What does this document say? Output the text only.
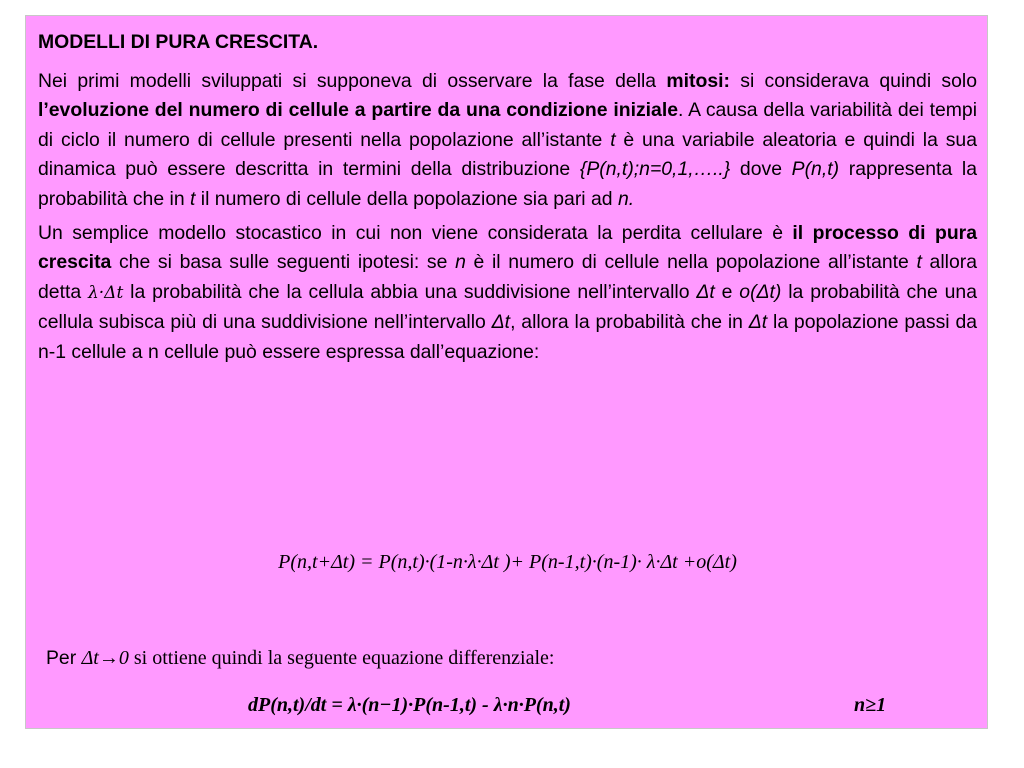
MODELLI DI PURA CRESCITA.

Nei primi modelli sviluppati si supponeva di osservare la fase della mitosi: si considerava quindi solo l’evoluzione del numero di cellule a partire da una condizione iniziale. A causa della variabilità dei tempi di ciclo il numero di cellule presenti nella popolazione all’istante t è una variabile aleatoria e quindi la sua dinamica può essere descritta in termini della distribuzione {P(n,t);n=0,1,…..} dove P(n,t) rappresenta la probabilità che in t il numero di cellule della popolazione sia pari ad n.

Un semplice modello stocastico in cui non viene considerata la perdita cellulare è il processo di pura crescita che si basa sulle seguenti ipotesi: se n è il numero di cellule nella popolazione all’istante t allora detta λ·Δt la probabilità che la cellula abbia una suddivisione nell’intervallo Δt e o(Δt) la probabilità che una cellula subisca più di una suddivisione nell’intervallo Δt, allora la probabilità che in Δt la popolazione passi da n-1 cellule a n cellule può essere espressa dall’equazione:

P(n,t+Δt) = P(n,t)·(1-n·λ·Δt )+ P(n-1,t)·(n-1)· λ·Δt +o(Δt)
Per Δt→0 si ottiene quindi la seguente equazione differenziale:
dP(n,t)/dt = λ·(n−1)·P(n-1,t) - λ·n·P(n,t)	n≥1
